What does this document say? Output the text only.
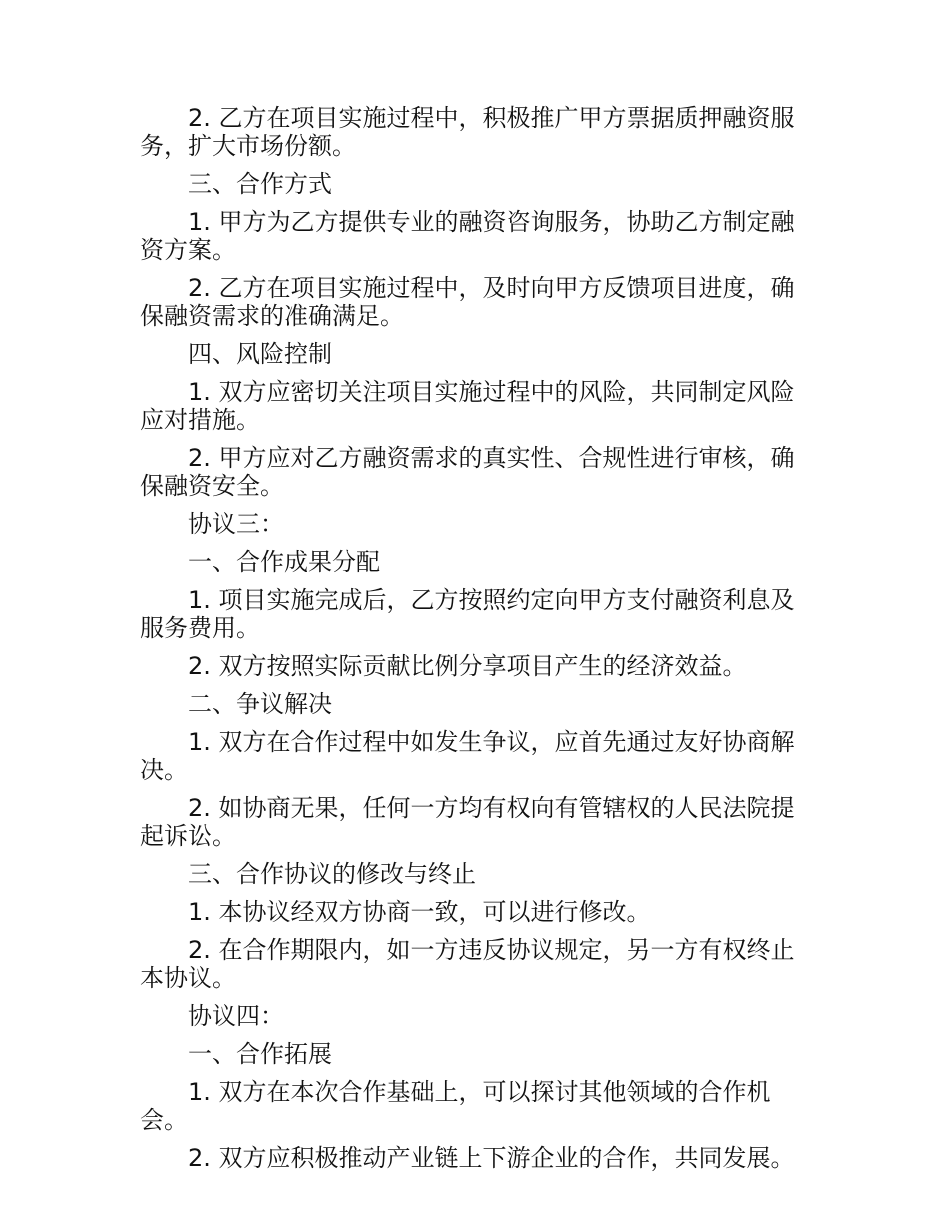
2. 乙方在项目实施过程中，积极推广甲方票据质押融资服务，扩大市场份额。

三、合作方式

1. 甲方为乙方提供专业的融资咨询服务，协助乙方制定融资方案。

2. 乙方在项目实施过程中，及时向甲方反馈项目进度，确保融资需求的准确满足。

四、风险控制

1. 双方应密切关注项目实施过程中的风险，共同制定风险应对措施。

2. 甲方应对乙方融资需求的真实性、合规性进行审核，确保融资安全。

协议三：

一、合作成果分配

1. 项目实施完成后，乙方按照约定向甲方支付融资利息及服务费用。

2. 双方按照实际贡献比例分享项目产生的经济效益。

二、争议解决

1. 双方在合作过程中如发生争议，应首先通过友好协商解决。

2. 如协商无果，任何一方均有权向有管辖权的人民法院提起诉讼。

三、合作协议的修改与终止

1. 本协议经双方协商一致，可以进行修改。

2. 在合作期限内，如一方违反协议规定，另一方有权终止本协议。

协议四：

一、合作拓展

1. 双方在本次合作基础上，可以探讨其他领域的合作机会。

2. 双方应积极推动产业链上下游企业的合作，共同发展。
